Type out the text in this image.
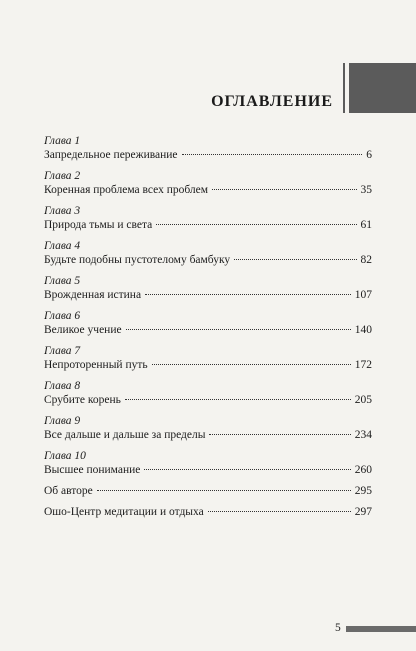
ОГЛАВЛЕНИЕ
Глава 1
Запредельное переживание	6
Глава 2
Коренная проблема всех проблем	35
Глава 3
Природа тьмы и света	61
Глава 4
Будьте подобны пустотелому бамбуку	82
Глава 5
Врожденная истина	107
Глава 6
Великое учение	140
Глава 7
Непроторенный путь	172
Глава 8
Срубите корень	205
Глава 9
Все дальше и дальше за пределы	234
Глава 10
Высшее понимание	260
Об авторе	295
Ошо-Центр медитации и отдыха	297
5
